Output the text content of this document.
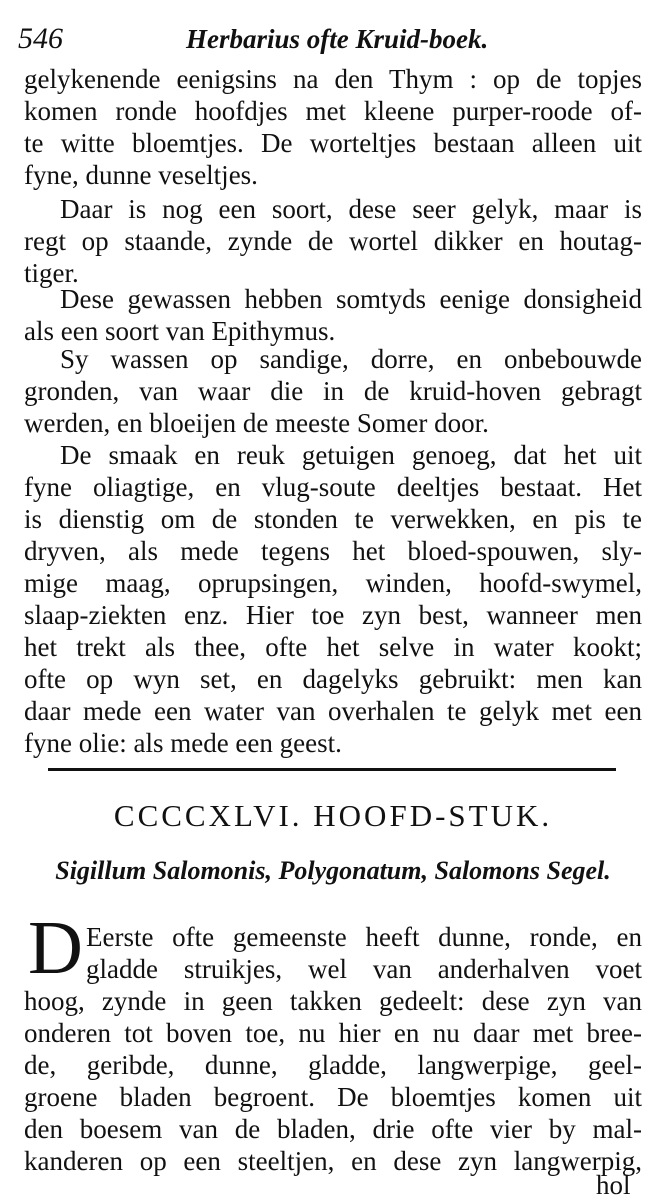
546	Herbarius ofte Kruid-boek.
gelykenende eenigsins na den Thym : op de topjes
komen ronde hoofdjes met kleene purper-roode of-
te witte bloemtjes. De worteltjes bestaan alleen uit
fyne, dunne veseltjes.
Daar is nog een soort, dese seer gelyk, maar is
regt op staande, zynde de wortel dikker en houtag-
tiger.
Dese gewassen hebben somtyds eenige donsigheid
als een soort van Epithymus.
Sy wassen op sandige, dorre, en onbebouwde
gronden, van waar die in de kruid-hoven gebragt
werden, en bloeijen de meeste Somer door.
De smaak en reuk getuigen genoeg, dat het uit
fyne oliagtige, en vlug-soute deeltjes bestaat. Het
is dienstig om de stonden te verwekken, en pis te
dryven, als mede tegens het bloed-spouwen, sly-
mige maag, oprupsingen, winden, hoofd-swymel,
slaap-ziekten enz. Hier toe zyn best, wanneer men
het trekt als thee, ofte het selve in water kookt;
ofte op wyn set, en dagelyks gebruikt: men kan
daar mede een water van overhalen te gelyk met een
fyne olie: als mede een geest.
CCCCXLVI. HOOFD-STUK.
Sigillum Salomonis, Polygonatum, Salomons Segel.
D Eerste ofte gemeenste heeft dunne, ronde, en
gladde struikjes, wel van anderhalven voet
hoog, zynde in geen takken gedeelt: dese zyn van
onderen tot boven toe, nu hier en nu daar met bree-
de, geribde, dunne, gladde, langwerpige, geel-
groene bladen begroent. De bloemtjes komen uit
den boesem van de bladen, drie ofte vier by mal-
kanderen op een steeltjen, en dese zyn langwerpig,
hol
